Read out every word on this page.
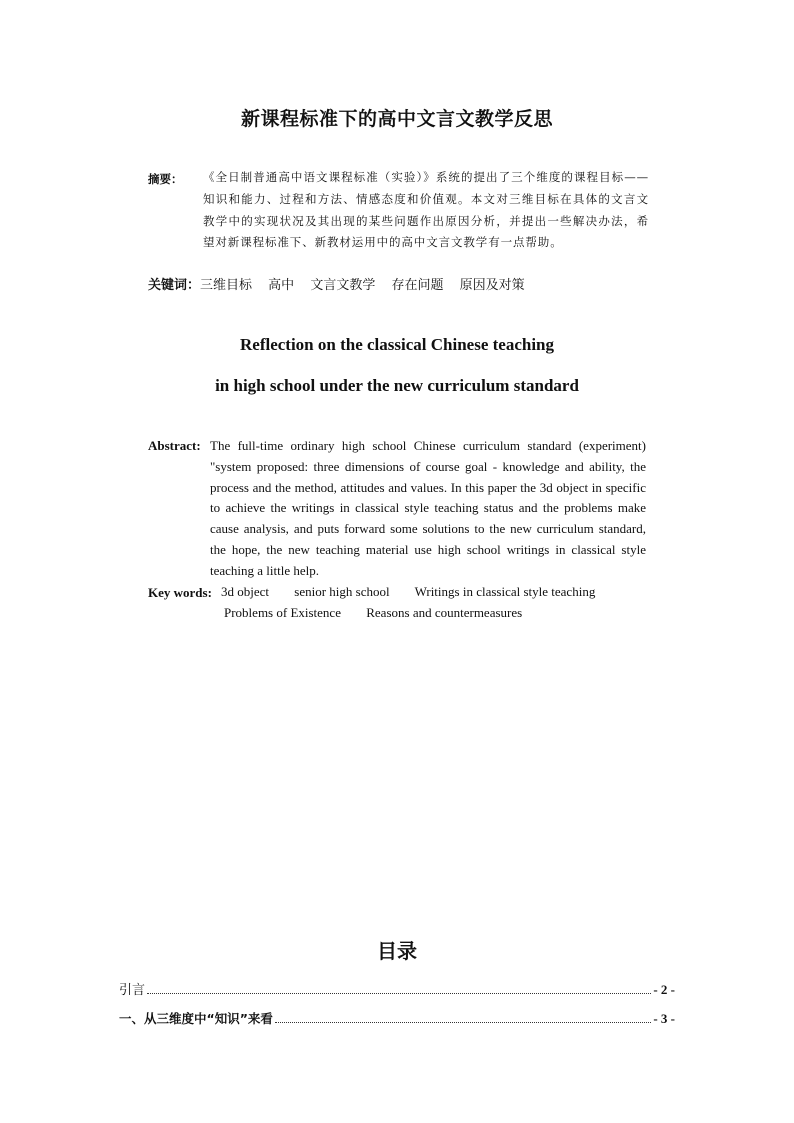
新课程标准下的高中文言文教学反思
摘要： 《全日制普通高中语文课程标准（实验）》系统的提出了三个维度的课程目标——知识和能力、过程和方法、情感态度和价值观。本文对三维目标在具体的文言文教学中的实现状况及其出现的某些问题作出原因分析，并提出一些解决办法，希望对新课程标准下、新教材运用中的高中文言文教学有一点帮助。
关键词：三维目标 高中 文言文教学 存在问题 原因及对策
Reflection on the classical Chinese teaching
in high school under the new curriculum standard
Abstract: The full-time ordinary high school Chinese curriculum standard (experiment) "system proposed: three dimensions of course goal - knowledge and ability, the process and the method, attitudes and values. In this paper the 3d object in specific to achieve the writings in classical style teaching status and the problems make cause analysis, and puts forward some solutions to the new curriculum standard, the hope, the new teaching material use high school writings in classical style teaching a little help.
Key words: 3d object senior high school Writings in classical style teaching
Problems of Existence Reasons and countermeasures
目录
引言	- 2 -
一、从三维度中“知识”来看	- 3 -
